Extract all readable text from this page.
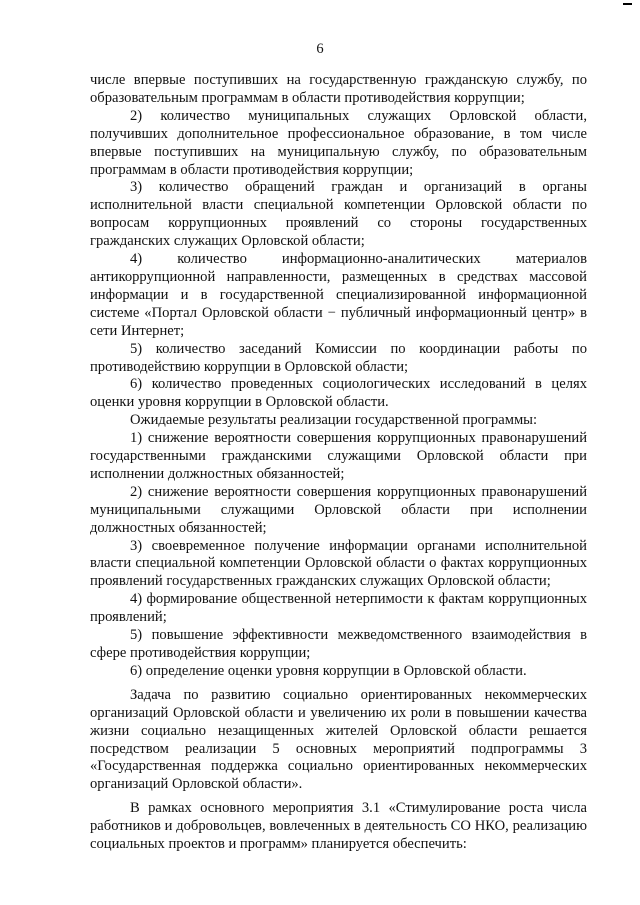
6

числе впервые поступивших на государственную гражданскую службу, по образовательным программам в области противодействия коррупции;

2) количество муниципальных служащих Орловской области, получивших дополнительное профессиональное образование, в том числе впервые поступивших на муниципальную службу, по образовательным программам в области противодействия коррупции;

3) количество обращений граждан и организаций в органы исполнительной власти специальной компетенции Орловской области по вопросам коррупционных проявлений со стороны государственных гражданских служащих Орловской области;

4) количество информационно-аналитических материалов антикоррупционной направленности, размещенных в средствах массовой информации и в государственной специализированной информационной системе «Портал Орловской области − публичный информационный центр» в сети Интернет;

5) количество заседаний Комиссии по координации работы по противодействию коррупции в Орловской области;

6) количество проведенных социологических исследований в целях оценки уровня коррупции в Орловской области.

Ожидаемые результаты реализации государственной программы:

1) снижение вероятности совершения коррупционных правонарушений государственными гражданскими служащими Орловской области при исполнении должностных обязанностей;

2) снижение вероятности совершения коррупционных правонарушений муниципальными служащими Орловской области при исполнении должностных обязанностей;

3) своевременное получение информации органами исполнительной власти специальной компетенции Орловской области о фактах коррупционных проявлений государственных гражданских служащих Орловской области;

4) формирование общественной нетерпимости к фактам коррупционных проявлений;

5) повышение эффективности межведомственного взаимодействия в сфере противодействия коррупции;

6) определение оценки уровня коррупции в Орловской области.

Задача по развитию социально ориентированных некоммерческих организаций Орловской области и увеличению их роли в повышении качества жизни социально незащищенных жителей Орловской области решается посредством реализации 5 основных мероприятий подпрограммы 3 «Государственная поддержка социально ориентированных некоммерческих организаций Орловской области».

В рамках основного мероприятия 3.1 «Стимулирование роста числа работников и добровольцев, вовлеченных в деятельность СО НКО, реализацию социальных проектов и программ» планируется обеспечить:
